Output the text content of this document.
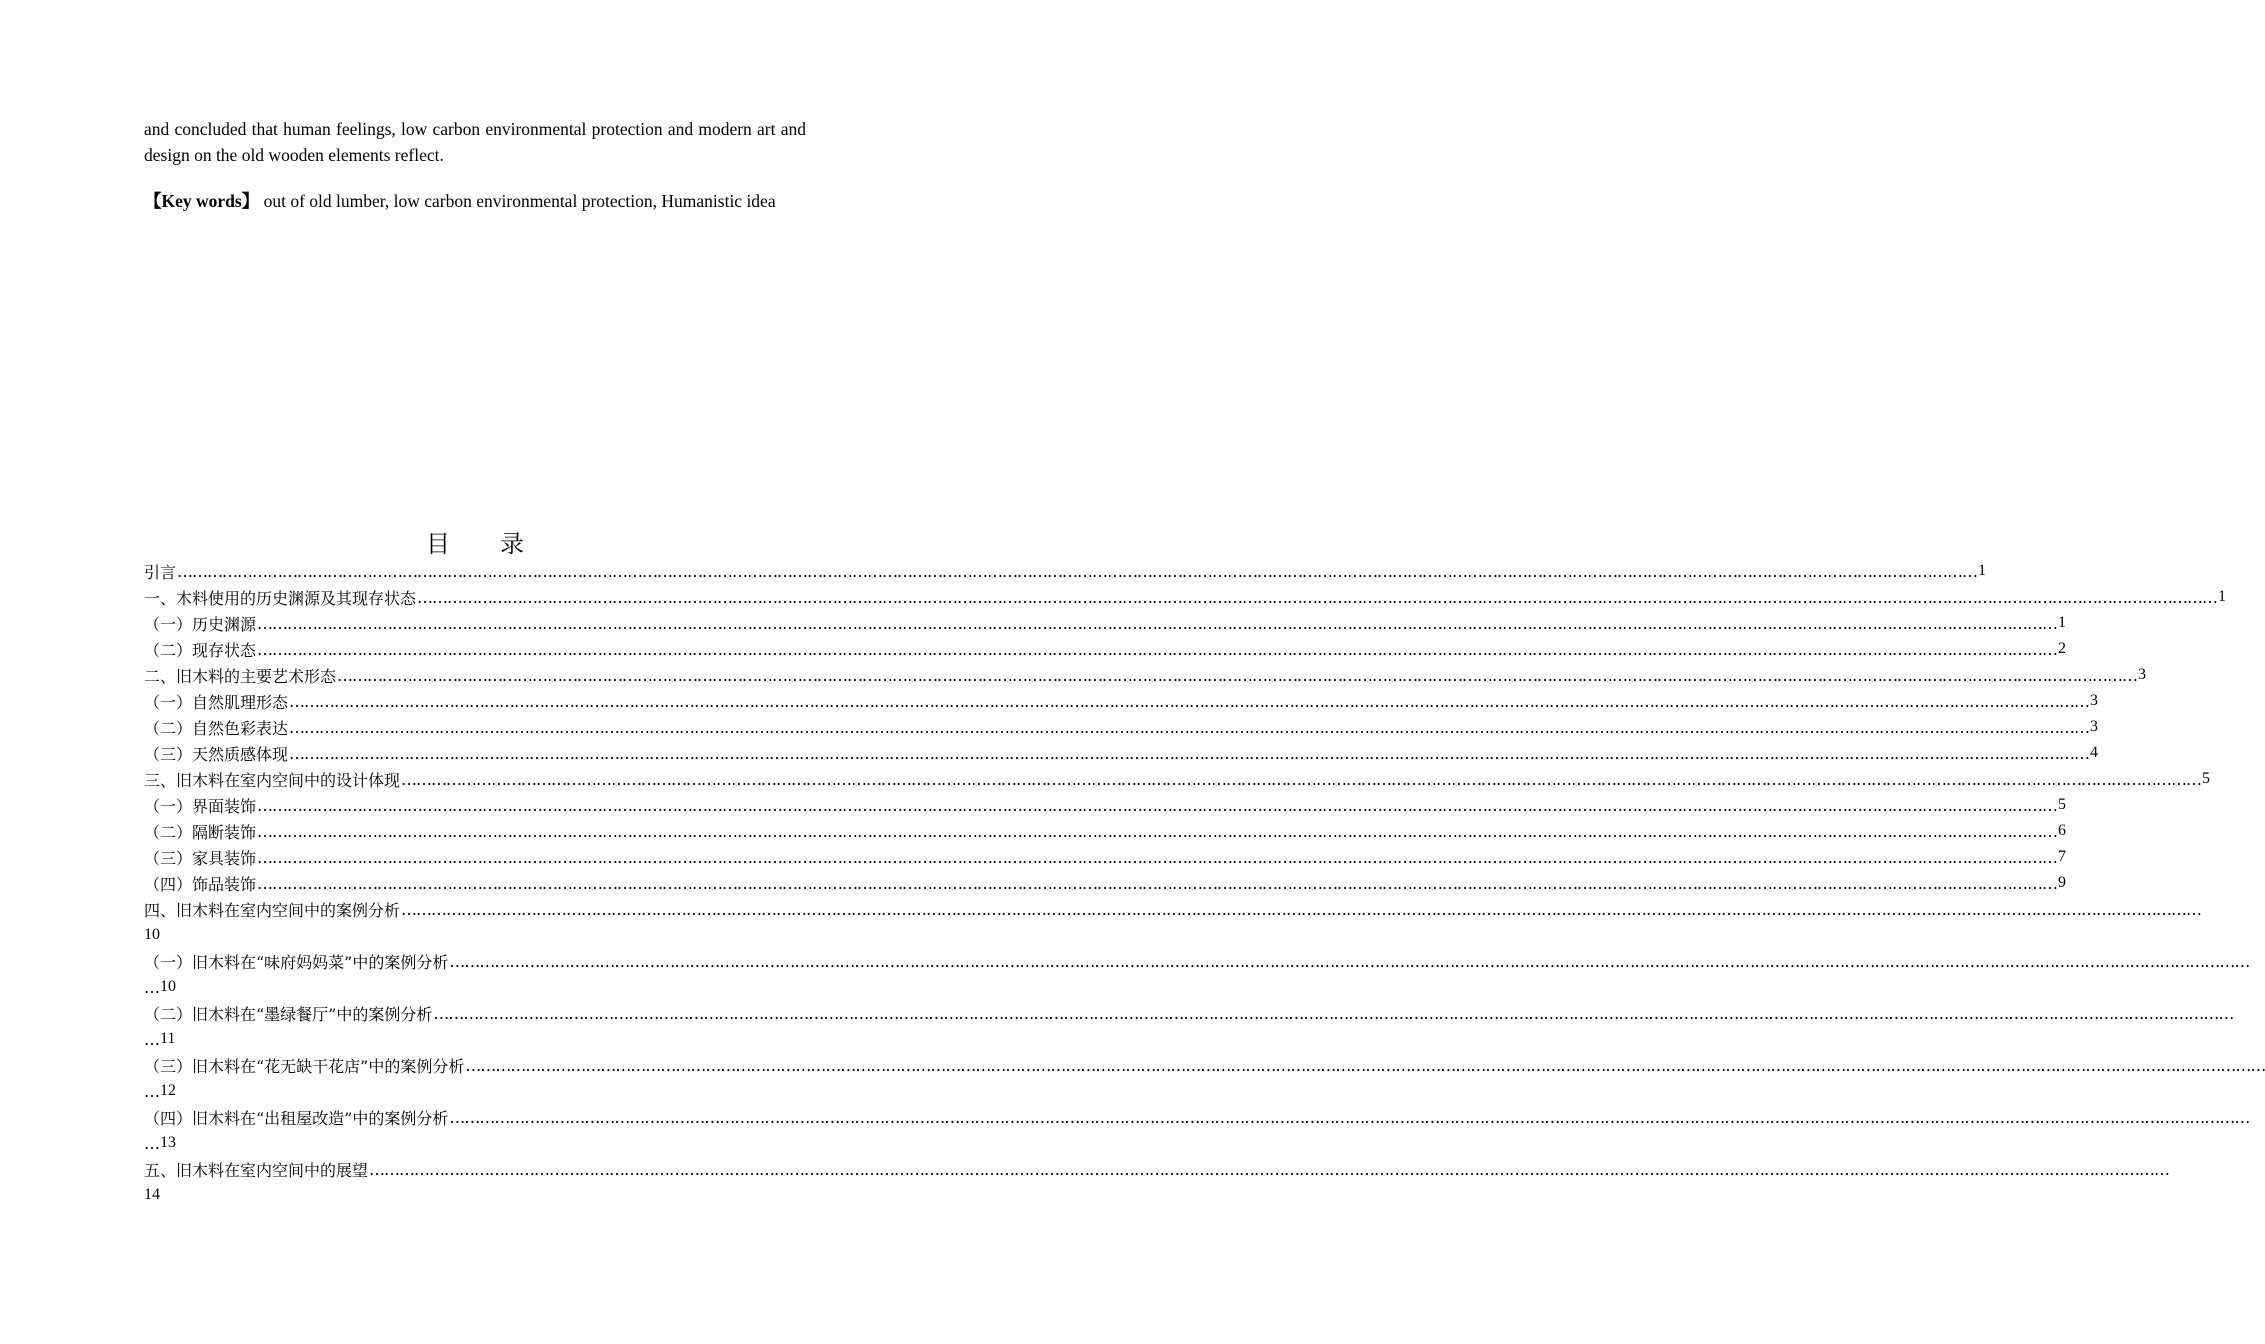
and concluded that human feelings, low carbon environmental protection and modern art and design on the old wooden elements reflect.

【Key words】 out of old lumber, low carbon environmental protection, Humanistic idea

目录
引言 ……………………………………………………………………………………………………………………………………………………………………………………………………………………………………………………………………………………………………………………………… 1
一、木料使用的历史渊源及其现存状态 ……………………………………………………………………………………………………………………………………………………………………………………………………………………………………………………………………………………………………………………………… 1
（一）历史渊源 ……………………………………………………………………………………………………………………………………………………………………………………………………………………………………………………………………………………………………………………………… 1
（二）现存状态 ……………………………………………………………………………………………………………………………………………………………………………………………………………………………………………………………………………………………………………………………… 2
二、旧木料的主要艺术形态 ……………………………………………………………………………………………………………………………………………………………………………………………………………………………………………………………………………………………………………………………… 3
（一）自然肌理形态 ……………………………………………………………………………………………………………………………………………………………………………………………………………………………………………………………………………………………………………………………… 3
（二）自然色彩表达 ……………………………………………………………………………………………………………………………………………………………………………………………………………………………………………………………………………………………………………………………… 3
（三）天然质感体现 ……………………………………………………………………………………………………………………………………………………………………………………………………………………………………………………………………………………………………………………………… 4
三、旧木料在室内空间中的设计体现 ……………………………………………………………………………………………………………………………………………………………………………………………………………………………………………………………………………………………………………………………… 5
（一）界面装饰 ……………………………………………………………………………………………………………………………………………………………………………………………………………………………………………………………………………………………………………………………… 5
（二）隔断装饰 ……………………………………………………………………………………………………………………………………………………………………………………………………………………………………………………………………………………………………………………………… 6
（三）家具装饰 ……………………………………………………………………………………………………………………………………………………………………………………………………………………………………………………………………………………………………………………………… 7
（四）饰品装饰 ……………………………………………………………………………………………………………………………………………………………………………………………………………………………………………………………………………………………………………………………… 9
四、旧木料在室内空间中的案例分析 ………………………………………………………………………………………………………………………………………………………………………………………………………………………………………………………………………………………………………………………………
10
（一）旧木料在“味府妈妈菜”中的案例分析 ………………………………………………………………………………………………………………………………………………………………………………………………………………………………………………………………………………………………………………………………
… 10
（二）旧木料在“墨绿餐厅”中的案例分析 ………………………………………………………………………………………………………………………………………………………………………………………………………………………………………………………………………………………………………………………………
… 11
（三）旧木料在“花无缺干花店”中的案例分析 ………………………………………………………………………………………………………………………………………………………………………………………………………………………………………………………………………………………………………………………………
… 12
（四）旧木料在“出租屋改造”中的案例分析 ………………………………………………………………………………………………………………………………………………………………………………………………………………………………………………………………………………………………………………………………
… 13
五、旧木料在室内空间中的展望 ………………………………………………………………………………………………………………………………………………………………………………………………………………………………………………………………………………………………………………………………
14
